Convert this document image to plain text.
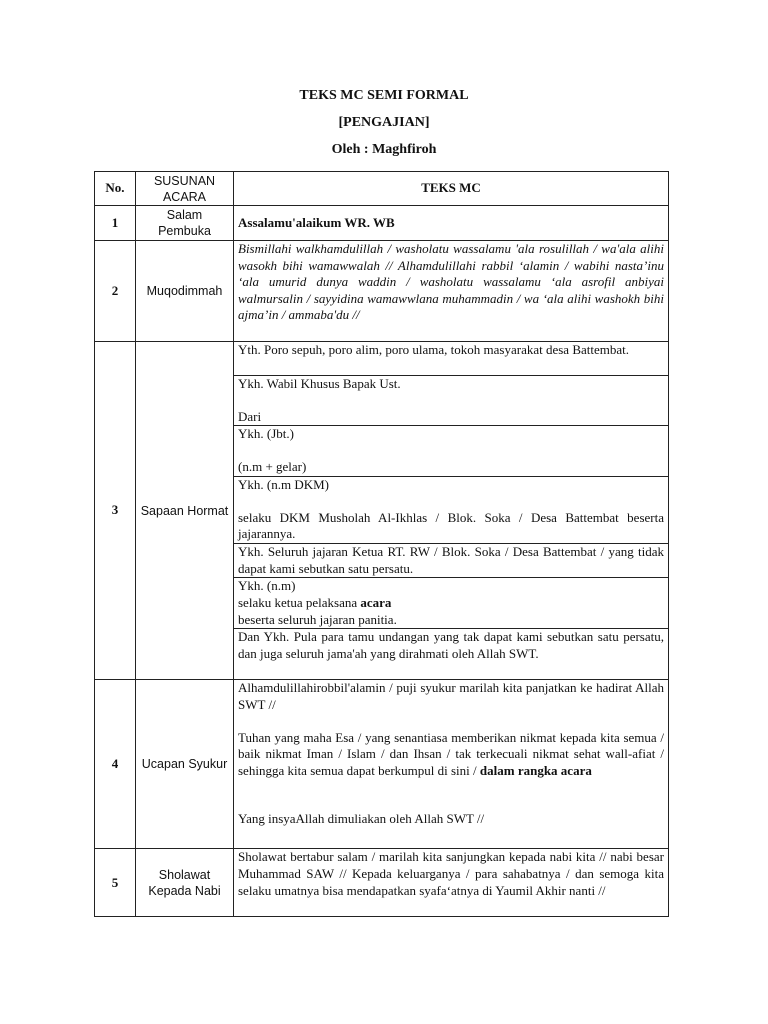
TEKS MC SEMI FORMAL
[PENGAJIAN]
Oleh : Maghfiroh
No.	SUSUNAN ACARA	TEKS MC
1	Salam Pembuka	Assalamu'alaikum WR. WB
2	Muqodimmah	Bismillahi walkhamdulillah / washolatu wassalamu 'ala rosulillah / wa'ala alihi wasokh bihi wamawwalah // Alhamdulillahi rabbil ‘alamin / wabihi nasta’inu ‘ala umurid dunya waddin / washolatu wassalamu ‘ala asrofil anbiyai walmursalin / sayyidina wamawwlana muhammadin / wa ‘ala alihi washokh bihi ajma’in / ammaba'du //
3	Sapaan Hormat	Yth. Poro sepuh, poro alim, poro ulama, tokoh masyarakat desa Battembat.

		Ykh. Wabil Khusus Bapak Ust.
Dari

		Ykh. (Jbt.)
(n.m + gelar)

		Ykh. (n.m DKM)
selaku DKM Musholah Al-Ikhlas / Blok. Soka / Desa Battembat beserta jajarannya.

		Ykh. Seluruh jajaran Ketua RT. RW / Blok. Soka / Desa Battembat / yang tidak dapat kami sebutkan satu persatu.

		Ykh. (n.m)
selaku ketua pelaksana acara
beserta seluruh jajaran panitia.

		Dan Ykh. Pula para tamu undangan yang tak dapat kami sebutkan satu persatu, dan juga seluruh jama'ah yang dirahmati oleh Allah SWT.
4	Ucapan Syukur	Alhamdulillahirobbil'alamin / puji syukur marilah kita panjatkan ke hadirat Allah SWT //
Tuhan yang maha Esa / yang senantiasa memberikan nikmat kepada kita semua / baik nikmat Iman / Islam / dan Ihsan / tak terkecuali nikmat sehat wall-afiat / sehingga kita semua dapat berkumpul di sini / dalam rangka acara
Yang insyaAllah dimuliakan oleh Allah SWT //

5	Sholawat Kepada Nabi	Sholawat bertabur salam / marilah kita sanjungkan kepada nabi kita // nabi besar Muhammad SAW // Kepada keluarganya / para sahabatnya / dan semoga kita selaku umatnya bisa mendapatkan syafa‘atnya di Yaumil Akhir nanti //
